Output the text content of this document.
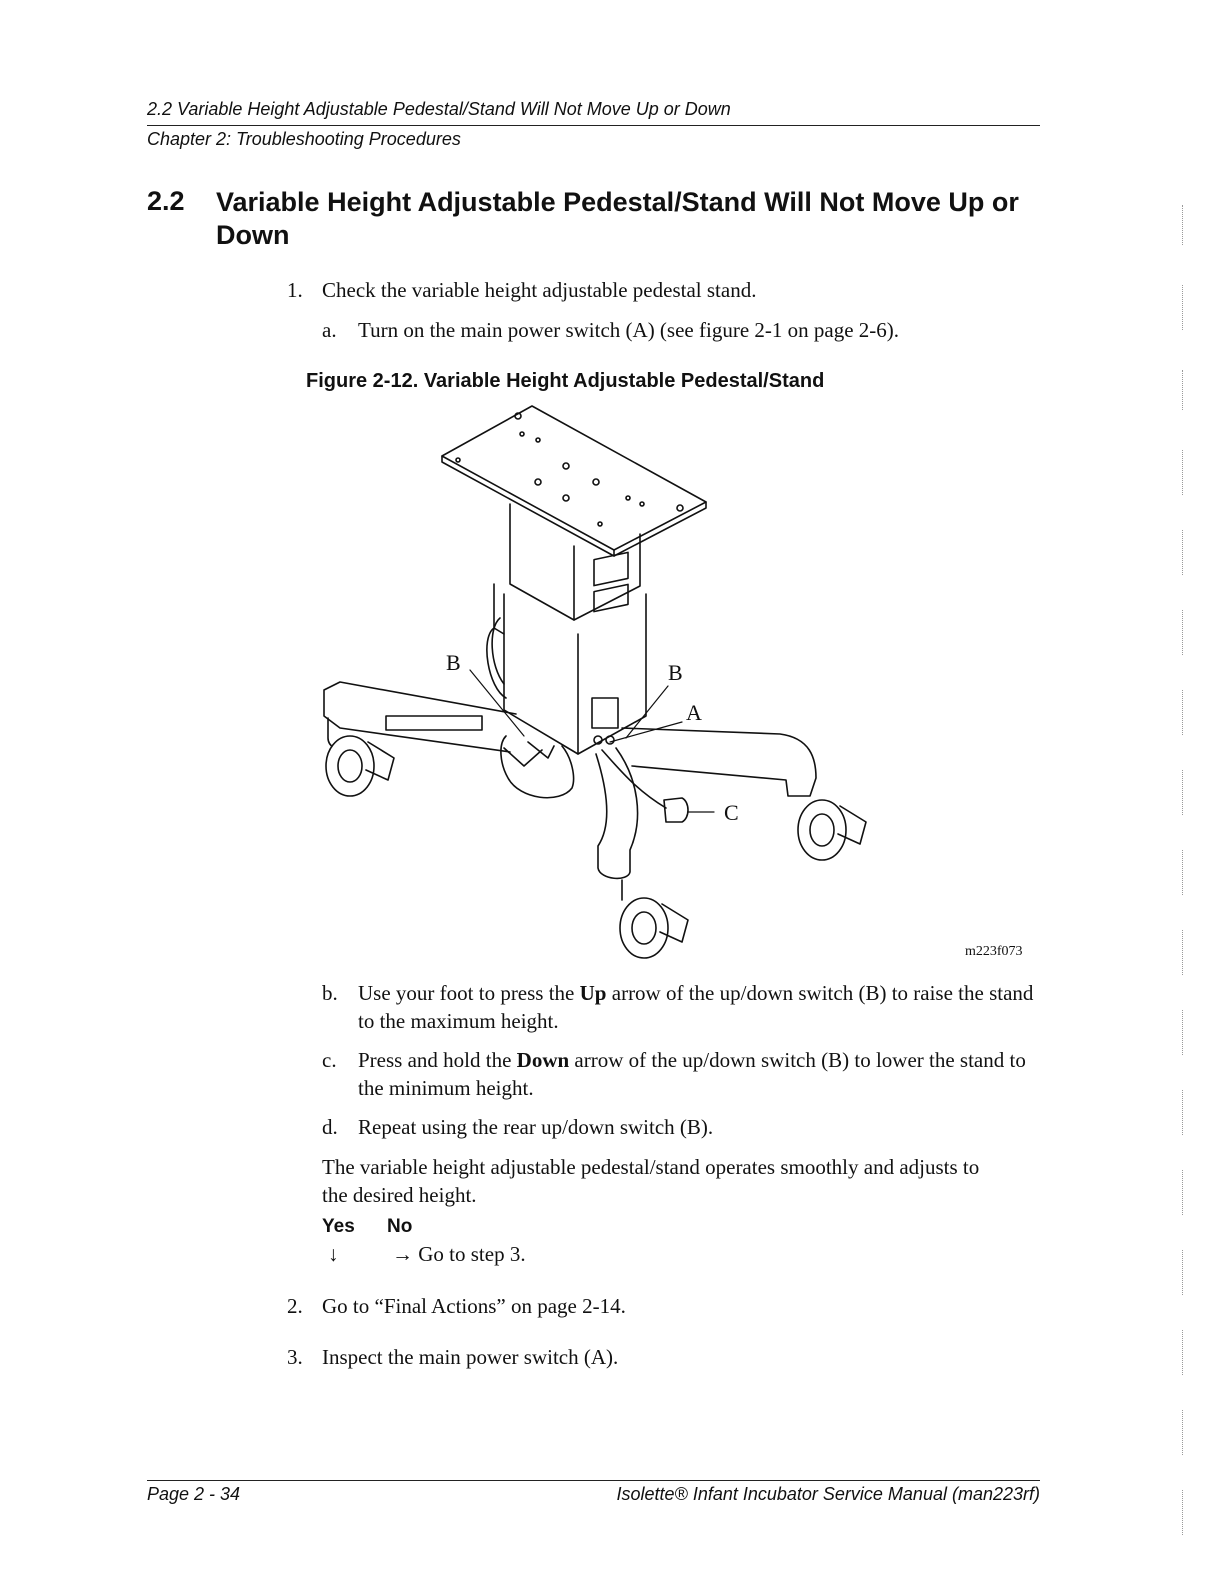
2.2 Variable Height Adjustable Pedestal/Stand Will Not Move Up or Down
Chapter 2: Troubleshooting Procedures
2.2 Variable Height Adjustable Pedestal/Stand Will Not Move Up or Down
1. Check the variable height adjustable pedestal stand.
a.	Turn on the main power switch (A) (see figure 2-1 on page 2-6).
Figure 2-12. Variable Height Adjustable Pedestal/Stand
B	B
A
C
m223f073
b. Use your foot to press the Up arrow of the up/down switch (B) to raise the stand to the maximum height.
c.	Press and hold the Down arrow of the up/down switch (B) to lower the stand to the minimum height.
d. Repeat using the rear up/down switch (B).
The variable height adjustable pedestal/stand operates smoothly and adjusts to the desired height.
Yes No
↓	→ Go to step 3.
2. Go to “Final Actions” on page 2-14.
3. Inspect the main power switch (A).
Page 2 - 34	Isolette® Infant Incubator Service Manual (man223rf)
